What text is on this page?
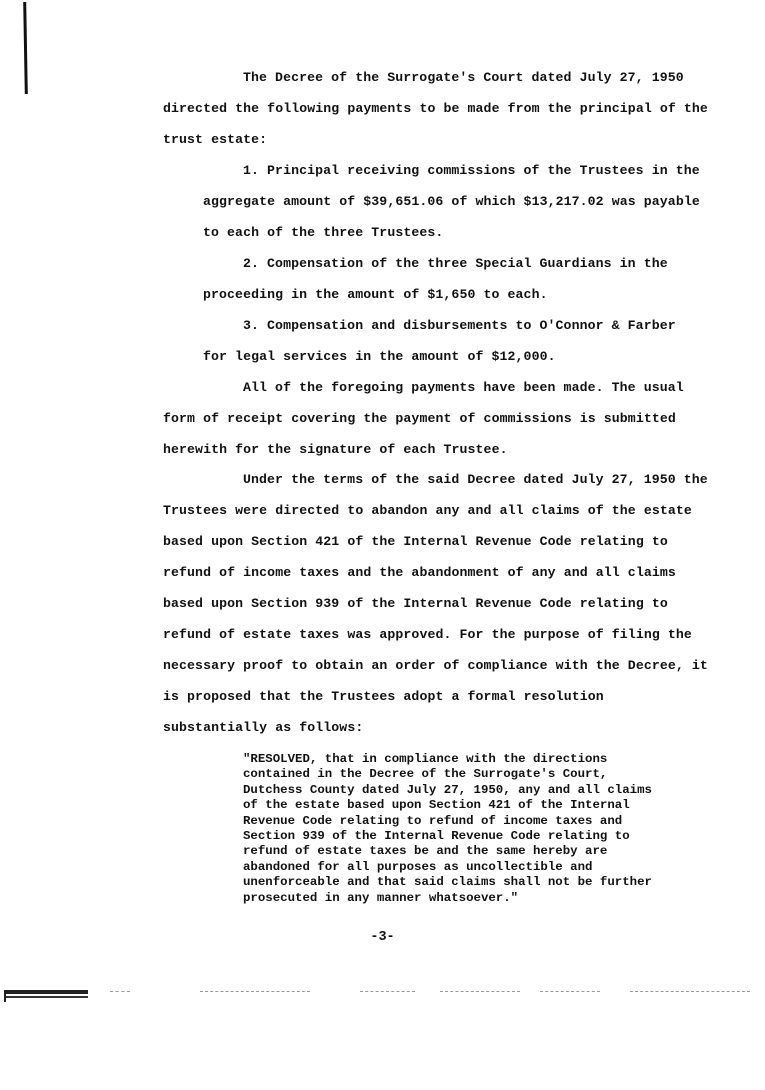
The Decree of the Surrogate's Court dated July 27, 1950 directed the following payments to be made from the principal of the trust estate:

1. Principal receiving commissions of the Trustees in the aggregate amount of $39,651.06 of which $13,217.02 was payable to each of the three Trustees.

2. Compensation of the three Special Guardians in the proceeding in the amount of $1,650 to each.

3. Compensation and disbursements to O'Connor & Farber for legal services in the amount of $12,000.

All of the foregoing payments have been made. The usual form of receipt covering the payment of commissions is submitted herewith for the signature of each Trustee.

Under the terms of the said Decree dated July 27, 1950 the Trustees were directed to abandon any and all claims of the estate based upon Section 421 of the Internal Revenue Code relating to refund of income taxes and the abandonment of any and all claims based upon Section 939 of the Internal Revenue Code relating to refund of estate taxes was approved. For the purpose of filing the necessary proof to obtain an order of compliance with the Decree, it is proposed that the Trustees adopt a formal resolution substantially as follows:

"RESOLVED, that in compliance with the directions contained in the Decree of the Surrogate's Court, Dutchess County dated July 27, 1950, any and all claims of the estate based upon Section 421 of the Internal Revenue Code relating to refund of income taxes and Section 939 of the Internal Revenue Code relating to refund of estate taxes be and the same hereby are abandoned for all purposes as uncollectible and unenforceable and that said claims shall not be further prosecuted in any manner whatsoever."

-3-
